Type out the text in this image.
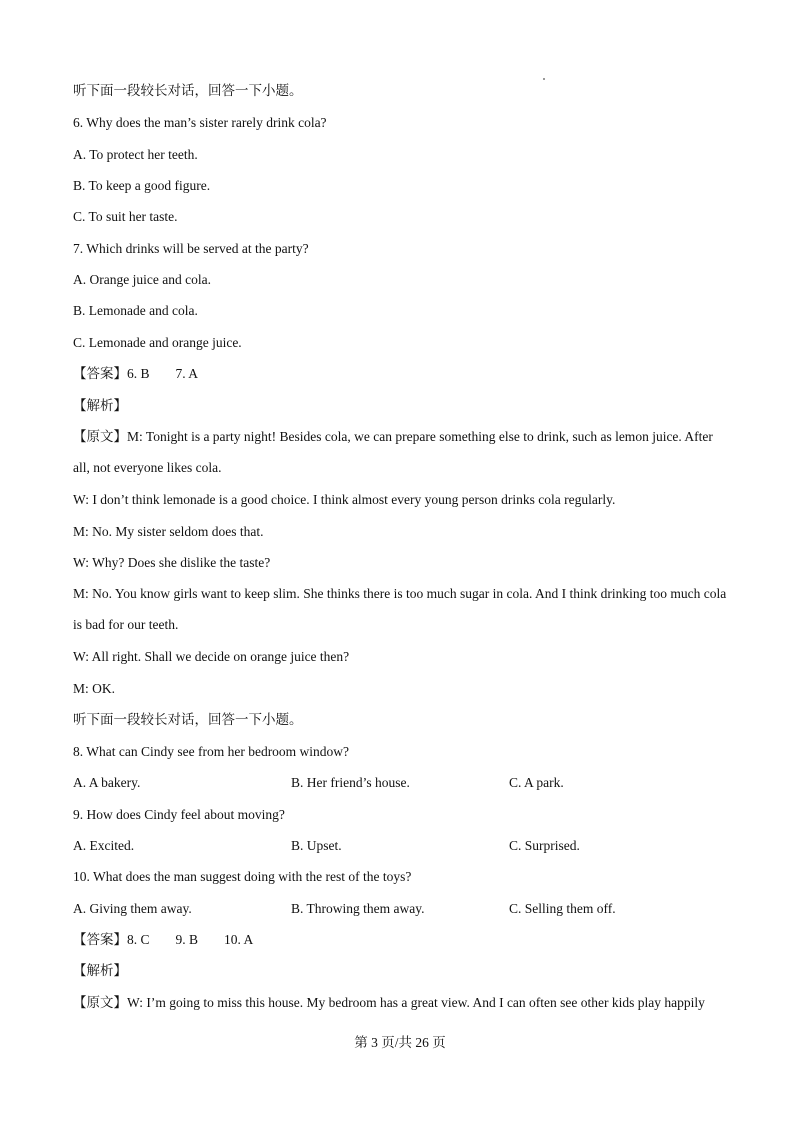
听下面一段较长对话，回答一下小题。
6. Why does the man’s sister rarely drink cola?
A. To protect her teeth.
B. To keep a good figure.
C. To suit her taste.
7. Which drinks will be served at the party?
A. Orange juice and cola.
B. Lemonade and cola.
C. Lemonade and orange juice.
【答案】6. B 7. A
【解析】
【原文】M: Tonight is a party night! Besides cola, we can prepare something else to drink, such as lemon juice. After all, not everyone likes cola.
W: I don’t think lemonade is a good choice. I think almost every young person drinks cola regularly.
M: No. My sister seldom does that.
W: Why? Does she dislike the taste?
M: No. You know girls want to keep slim. She thinks there is too much sugar in cola. And I think drinking too much cola is bad for our teeth.
W: All right. Shall we decide on orange juice then?
M: OK.
听下面一段较长对话，回答一下小题。
8. What can Cindy see from her bedroom window?
A. A bakery.	B. Her friend’s house.	C. A park.
9. How does Cindy feel about moving?
A. Excited.	B. Upset.	C. Surprised.
10. What does the man suggest doing with the rest of the toys?
A. Giving them away.	B. Throwing them away.	C. Selling them off.
【答案】8. C 9. B 10. A
【解析】
【原文】W: I’m going to miss this house. My bedroom has a great view. And I can often see other kids play happily
第 3 页/共 26 页
